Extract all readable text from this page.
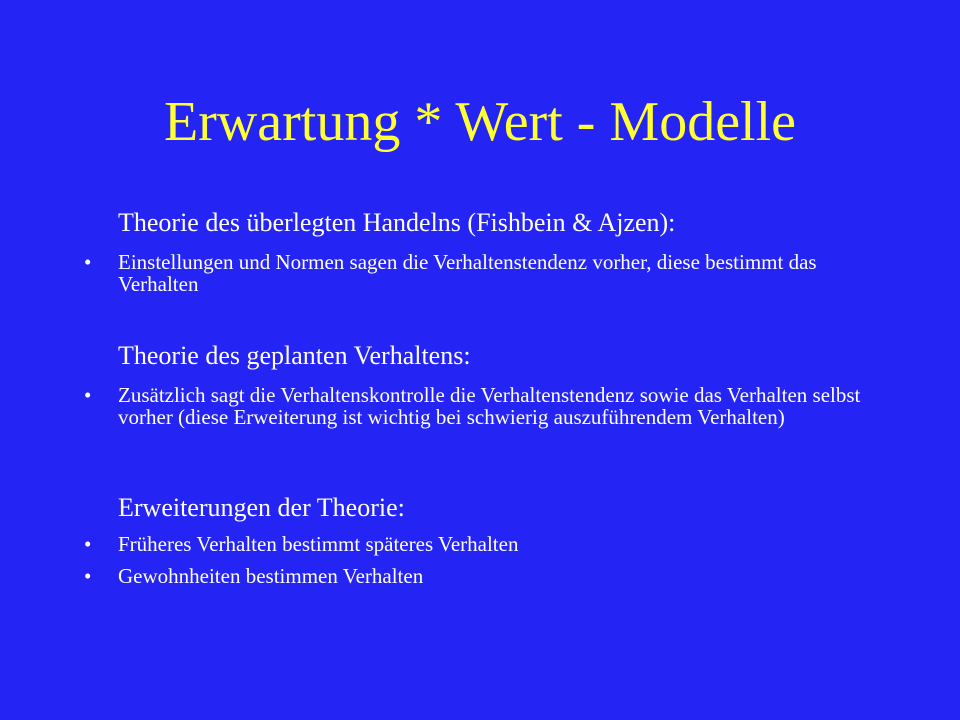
Erwartung * Wert - Modelle
Theorie des überlegten Handelns (Fishbein & Ajzen):
•	Einstellungen und Normen sagen die Verhaltenstendenz vorher, diese bestimmt das Verhalten
Theorie des geplanten Verhaltens:
•	Zusätzlich sagt die Verhaltenskontrolle die Verhaltenstendenz sowie das Verhalten selbst vorher (diese Erweiterung ist wichtig bei schwierig auszuführendem Verhalten)
Erweiterungen der Theorie:
•	Früheres Verhalten bestimmt späteres Verhalten
•	Gewohnheiten bestimmen Verhalten
